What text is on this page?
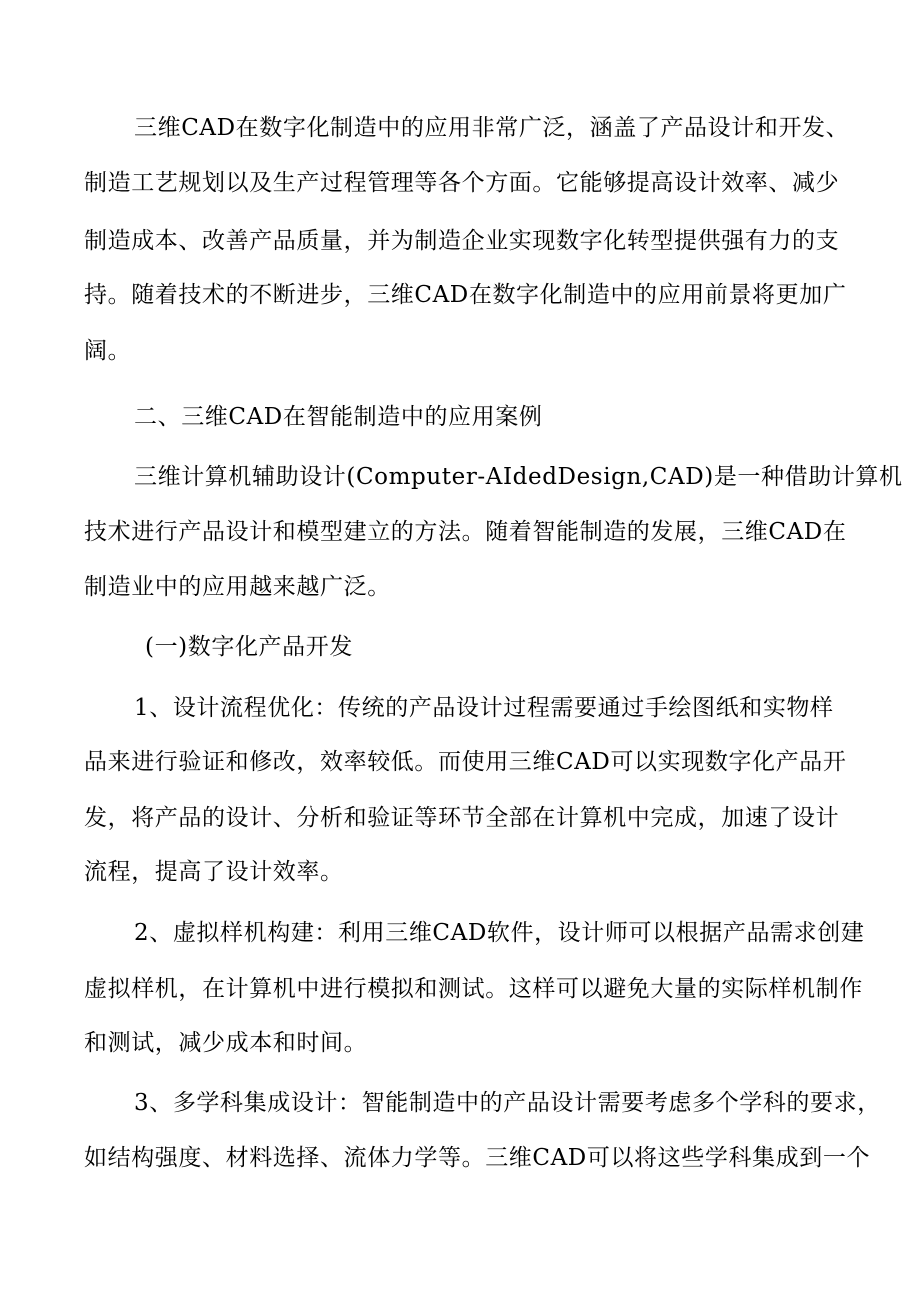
三维CAD在数字化制造中的应用非常广泛，涵盖了产品设计和开发、
制造工艺规划以及生产过程管理等各个方面。它能够提高设计效率、减少
制造成本、改善产品质量，并为制造企业实现数字化转型提供强有力的支
持。随着技术的不断进步，三维CAD在数字化制造中的应用前景将更加广
阔。
二、三维CAD在智能制造中的应用案例
三维计算机辅助设计(Computer-AIdedDesign,CAD)是一种借助计算机
技术进行产品设计和模型建立的方法。随着智能制造的发展，三维CAD在
制造业中的应用越来越广泛。
(一)数字化产品开发
1、设计流程优化：传统的产品设计过程需要通过手绘图纸和实物样
品来进行验证和修改，效率较低。而使用三维CAD可以实现数字化产品开
发，将产品的设计、分析和验证等环节全部在计算机中完成，加速了设计
流程，提高了设计效率。
2、虚拟样机构建：利用三维CAD软件，设计师可以根据产品需求创建
虚拟样机，在计算机中进行模拟和测试。这样可以避免大量的实际样机制作
和测试，减少成本和时间。
3、多学科集成设计：智能制造中的产品设计需要考虑多个学科的要求，
如结构强度、材料选择、流体力学等。三维CAD可以将这些学科集成到一个
